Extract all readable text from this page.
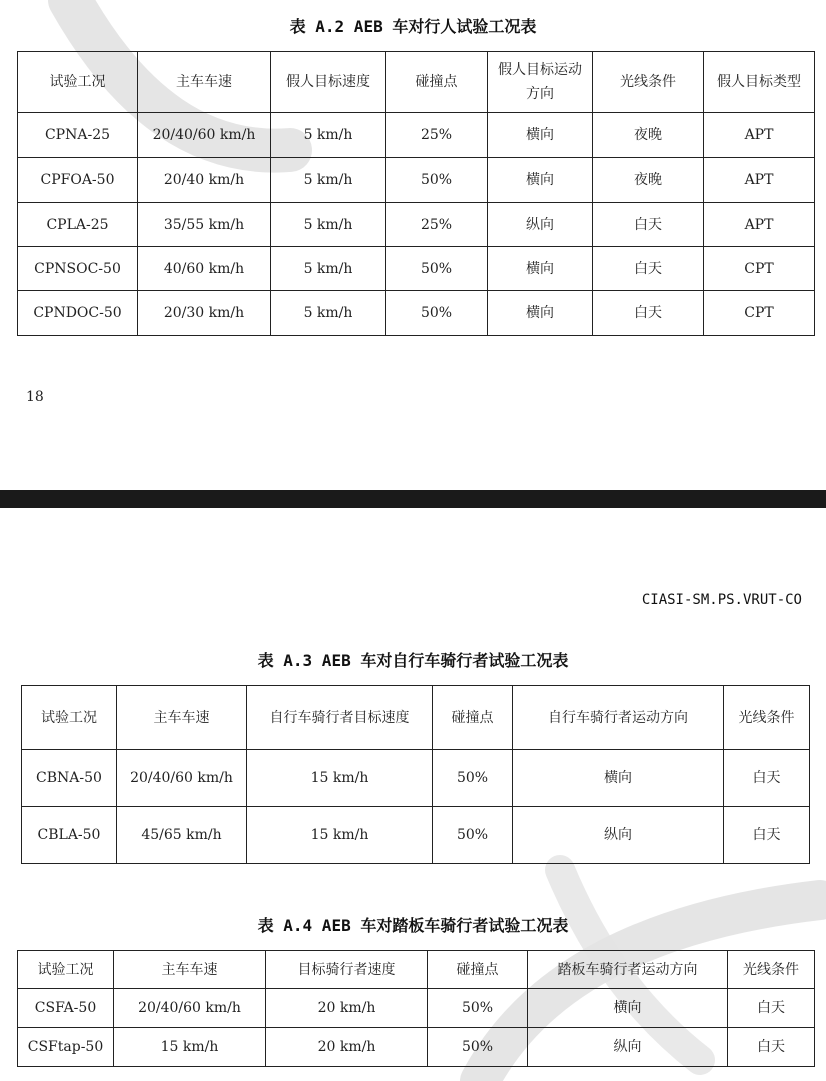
表 A.2 AEB 车对行人试验工况表
试验工况	主车车速	假人目标速度	碰撞点	假人目标运动方向	光线条件	假人目标类型
CPNA-25	20/40/60 km/h	5 km/h	25%	横向	夜晚	APT
CPFOA-50	20/40 km/h	5 km/h	50%	横向	夜晚	APT
CPLA-25	35/55 km/h	5 km/h	25%	纵向	白天	APT
CPNSOC-50	40/60 km/h	5 km/h	50%	横向	白天	CPT
CPNDOC-50	20/30 km/h	5 km/h	50%	横向	白天	CPT
18
CIASI-SM.PS.VRUT-CO
表 A.3 AEB 车对自行车骑行者试验工况表
试验工况	主车车速	自行车骑行者目标速度	碰撞点	自行车骑行者运动方向	光线条件
CBNA-50	20/40/60 km/h	15 km/h	50%	横向	白天
CBLA-50	45/65 km/h	15 km/h	50%	纵向	白天
表 A.4 AEB 车对踏板车骑行者试验工况表
试验工况	主车车速	目标骑行者速度	碰撞点	踏板车骑行者运动方向	光线条件
CSFA-50	20/40/60 km/h	20 km/h	50%	横向	白天
CSFtap-50	15 km/h	20 km/h	50%	纵向	白天
